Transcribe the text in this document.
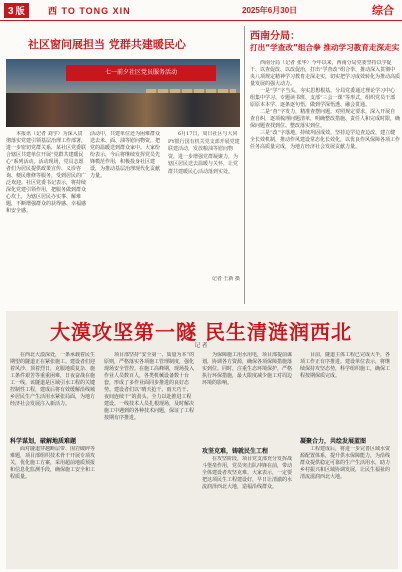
3 版	西 TO TONG XIN	2025年6月30日	综合
社区窗问展担当 党群共建暖民心
七一前夕社区党员服务活动
　　本报讯（记者 刘学）为深入贯彻落实党建引领基层治理工作部署，进一步密切党群关系，某社区党委联合辖区共建单位开展“党群共建暖民心”系列活动。活动现场，党员志愿者们为居民提供政策宣传、义诊咨询、便民维修等服务，受到居民的广泛欢迎。社区党委书记表示，将持续深化党建引领作用，把服务做到群众心坎上，为辖区居民办实事、解难题，不断增强群众的获得感、幸福感和安全感。
活动中，共建单位还为困难群众送去米、面、油等慰问物资，把党的温暖送到群众家中。大家纷纷表示，今后将继续发挥党员先锋模范作用，积极投身社区建设，为推动基层治理现代化贡献力量。
　　6月17日，周日社区与大同PY银行国有机关党支部开展党建联建活动，发放粮油等慰问物资，进一步增强党群凝聚力，为辖区居民送去温暖与关怀，让党群共建暖民心活动落到实处。
记者 王新 摄
西南分局：
打出“学查改”组合拳 推动学习教育走深走实
　　西南分局（记者 张华）今年以来，西南分局党委坚持以学促干、以查促改、以改促治，打出“学查改”组合拳，推动深入贯彻中央八项规定精神学习教育走深走实，切实把学习成效转化为推动高质量发展的强大动力。
　　一是“学”字当头，夯实思想根基。分局党委通过理论学习中心组集中学习、专题读书班、支部“三会一课”等形式，组织党员干部原原本本学、逐条逐句悟，做到学深悟透、融会贯通。
　　二是“查”字发力，精准查摆问题。对照规定要求，深入开展自查自纠，逐项梳理问题清单，明确整改措施、责任人和完成时限，确保问题查找到位、整改落实到位。
　　三是“改”字落地，持续巩固成效。坚持边学边查边改，建立健全长效机制，推动作风建设常态化长效化，以优良作风保障各项工作任务高质量完成，为地方经济社会发展贡献力量。
大漠攻坚第一隧 民生清涟润西北
记 者
　　在西北大漠深处，一条承载着民生期望的隧道正在紧张施工。建设者们迎着风沙、顶着烈日，克服地质复杂、施工条件艰苦等重重困难，日夜奋战在施工一线。该隧道是区域引水工程的关键控制性工程，建成后将有效缓解沿线城乡居民生产生活用水紧张局面，为地方经济社会发展注入新活力。
科学谋划，破解地质难题
　　面对隧道穿越断层带、围岩破碎等难题，项目部组织技术骨干开展专项攻关，优化施工方案，采用超前地质预报和信息化监测手段，确保施工安全和工程质量。
　　项目部坚持“安全第一、质量为本”的原则，严格落实各项施工管理制度，强化现场安全管控。在施工高峰期，现场投入作业人员数百人，各类机械设备数十台套，形成了多作业面同步推进的良好态势。建设者们以“晴天抢干、雨天巧干、夜间连续干”的劲头，全力以赴推进工程建设。一线技术人员扎根现场，及时解决施工中遇到的各种技术问题，保证了工程按期有序推进。
　　为保障施工用水用电，项目部提前谋划，协调各方资源，确保各项保障措施落实到位。同时，注重生态环境保护，严格执行环保措施，最大限度减少施工对周边环境的影响。
攻坚克难，铸就民生工程
　　在攻坚阶段，项目党支部充分发挥战斗堡垒作用，党员突击队冲锋在前，带动全体建设者攻坚克难。大家表示，一定要把这项民生工程建设好，早日让清澈的水流润泽西北大地，造福沿线群众。
　　目前，隧道主体工程已完成大半，各项工作正有序推进。建设单位表示，将继续保持攻坚态势，科学组织施工，确保工程按期保质完成。
凝聚合力，共绘发展蓝图
　　工程建成后，将进一步完善区域水资源配置体系，提升供水保障能力，为沿线群众提供稳定可靠的生产生活用水，助力乡村振兴和区域协调发展，让民生福祉的清流滋润西北大地。
